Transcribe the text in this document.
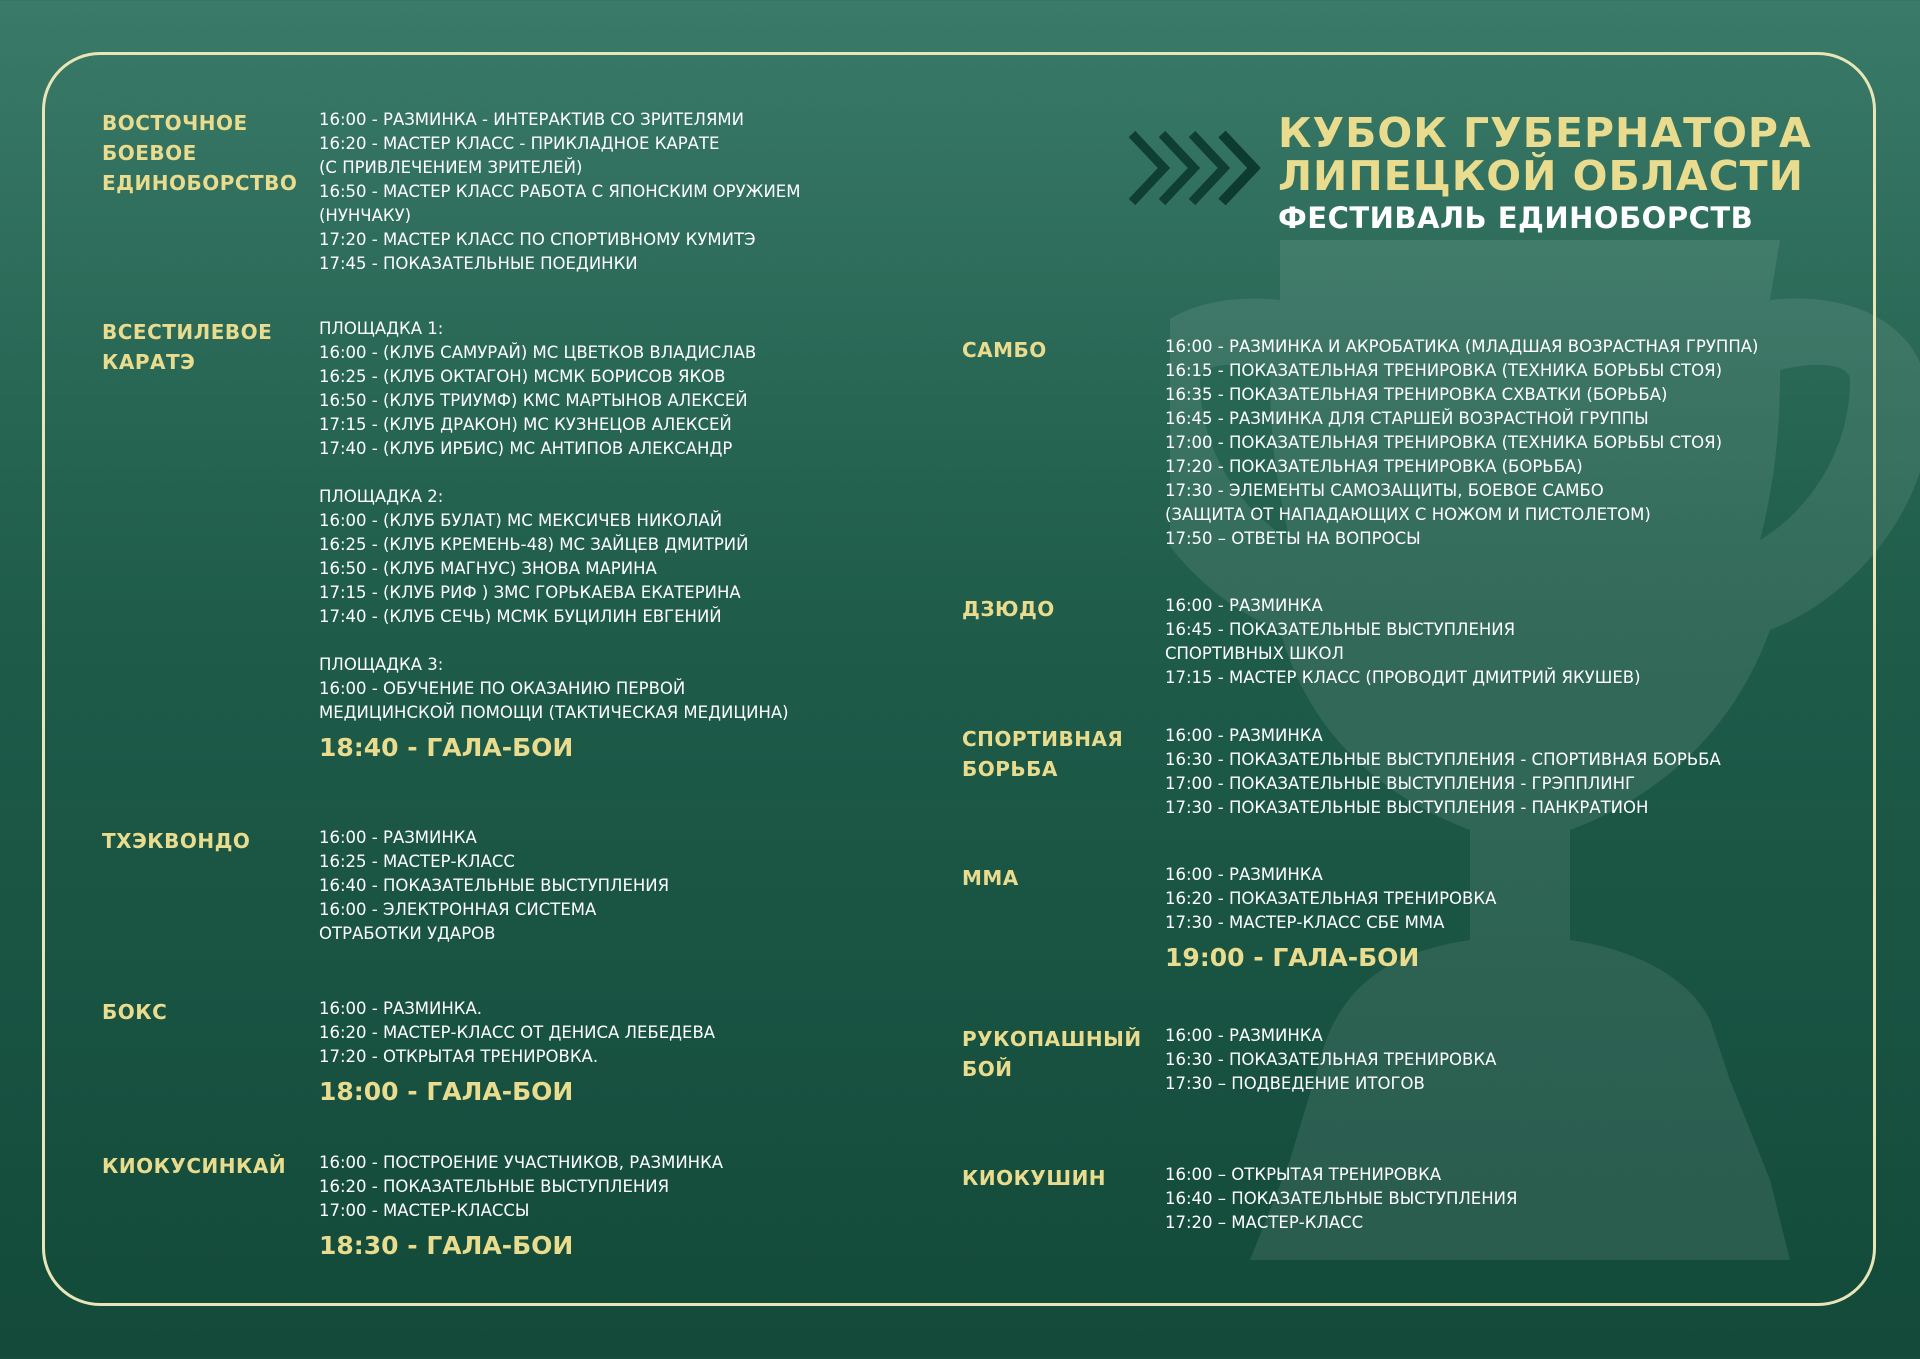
КУБОК ГУБЕРНАТОРА
ЛИПЕЦКОЙ ОБЛАСТИ
ФЕСТИВАЛЬ ЕДИНОБОРСТВ
ВОСТОЧНОЕ БОЕВОЕ ЕДИНОБОРСТВО
16:00 - РАЗМИНКА - ИНТЕРАКТИВ СО ЗРИТЕЛЯМИ
16:20 - МАСТЕР КЛАСС - ПРИКЛАДНОЕ КАРАТЕ
(С ПРИВЛЕЧЕНИЕМ ЗРИТЕЛЕЙ)
16:50 - МАСТЕР КЛАСС РАБОТА С ЯПОНСКИМ ОРУЖИЕМ
(НУНЧАКУ)
17:20 - МАСТЕР КЛАСС ПО СПОРТИВНОМУ КУМИТЭ
17:45 - ПОКАЗАТЕЛЬНЫЕ ПОЕДИНКИ
ВСЕСТИЛЕВОЕ КАРАТЭ
ПЛОЩАДКА 1:
16:00 - (КЛУБ САМУРАЙ) МС ЦВЕТКОВ ВЛАДИСЛАВ
16:25 - (КЛУБ ОКТАГОН) МСМК БОРИСОВ ЯКОВ
16:50 - (КЛУБ ТРИУМФ) КМС МАРТЫНОВ АЛЕКСЕЙ
17:15 - (КЛУБ ДРАКОН) МС КУЗНЕЦОВ АЛЕКСЕЙ
17:40 - (КЛУБ ИРБИС) МС АНТИПОВ АЛЕКСАНДР
ПЛОЩАДКА 2:
16:00 - (КЛУБ БУЛАТ) МС МЕКСИЧЕВ НИКОЛАЙ
16:25 - (КЛУБ КРЕМЕНЬ-48) МС ЗАЙЦЕВ ДМИТРИЙ
16:50 - (КЛУБ МАГНУС) ЗНОВА МАРИНА
17:15 - (КЛУБ РИФ ) ЗМС ГОРЬКАЕВА ЕКАТЕРИНА
17:40 - (КЛУБ СЕЧЬ) МСМК БУЦИЛИН ЕВГЕНИЙ
ПЛОЩАДКА 3:
16:00 - ОБУЧЕНИЕ ПО ОКАЗАНИЮ ПЕРВОЙ
МЕДИЦИНСКОЙ ПОМОЩИ (ТАКТИЧЕСКАЯ МЕДИЦИНА)
18:40 - ГАЛА-БОИ
ТХЭКВОНДО	16:00 - РАЗМИНКА
16:25 - МАСТЕР-КЛАСС
16:40 - ПОКАЗАТЕЛЬНЫЕ ВЫСТУПЛЕНИЯ
16:00 - ЭЛЕКТРОННАЯ СИСТЕМА
ОТРАБОТКИ УДАРОВ
БОКС	16:00 - РАЗМИНКА.
16:20 - МАСТЕР-КЛАСС ОТ ДЕНИСА ЛЕБЕДЕВА
17:20 - ОТКРЫТАЯ ТРЕНИРОВКА.
18:00 - ГАЛА-БОИ
КИОКУСИНКАЙ	16:00 - ПОСТРОЕНИЕ УЧАСТНИКОВ, РАЗМИНКА
16:20 - ПОКАЗАТЕЛЬНЫЕ ВЫСТУПЛЕНИЯ
17:00 - МАСТЕР-КЛАССЫ
18:30 - ГАЛА-БОИ
САМБО	16:00 - РАЗМИНКА И АКРОБАТИКА (МЛАДШАЯ ВОЗРАСТНАЯ ГРУППА)
16:15 - ПОКАЗАТЕЛЬНАЯ ТРЕНИРОВКА (ТЕХНИКА БОРЬБЫ СТОЯ)
16:35 - ПОКАЗАТЕЛЬНАЯ ТРЕНИРОВКА СХВАТКИ (БОРЬБА)
16:45 - РАЗМИНКА ДЛЯ СТАРШЕЙ ВОЗРАСТНОЙ ГРУППЫ
17:00 - ПОКАЗАТЕЛЬНАЯ ТРЕНИРОВКА (ТЕХНИКА БОРЬБЫ СТОЯ)
17:20 - ПОКАЗАТЕЛЬНАЯ ТРЕНИРОВКА (БОРЬБА)
17:30 - ЭЛЕМЕНТЫ САМОЗАЩИТЫ, БОЕВОЕ САМБО
(ЗАЩИТА ОТ НАПАДАЮЩИХ С НОЖОМ И ПИСТОЛЕТОМ)
17:50 – ОТВЕТЫ НА ВОПРОСЫ
ДЗЮДО	16:00 - РАЗМИНКА
16:45 - ПОКАЗАТЕЛЬНЫЕ ВЫСТУПЛЕНИЯ
СПОРТИВНЫХ ШКОЛ
17:15 - МАСТЕР КЛАСС (ПРОВОДИТ ДМИТРИЙ ЯКУШЕВ)
СПОРТИВНАЯ БОРЬБА
16:00 - РАЗМИНКА
16:30 - ПОКАЗАТЕЛЬНЫЕ ВЫСТУПЛЕНИЯ - СПОРТИВНАЯ БОРЬБА
17:00 - ПОКАЗАТЕЛЬНЫЕ ВЫСТУПЛЕНИЯ - ГРЭППЛИНГ
17:30 - ПОКАЗАТЕЛЬНЫЕ ВЫСТУПЛЕНИЯ - ПАНКРАТИОН
ММА	16:00 - РАЗМИНКА
16:20 - ПОКАЗАТЕЛЬНАЯ ТРЕНИРОВКА
17:30 - МАСТЕР-КЛАСС СБЕ ММА
19:00 - ГАЛА-БОИ
РУКОПАШНЫЙ БОЙ
16:00 - РАЗМИНКА
16:30 - ПОКАЗАТЕЛЬНАЯ ТРЕНИРОВКА
17:30 – ПОДВЕДЕНИЕ ИТОГОВ
КИОКУШИН	16:00 – ОТКРЫТАЯ ТРЕНИРОВКА
16:40 – ПОКАЗАТЕЛЬНЫЕ ВЫСТУПЛЕНИЯ
17:20 – МАСТЕР-КЛАСС
